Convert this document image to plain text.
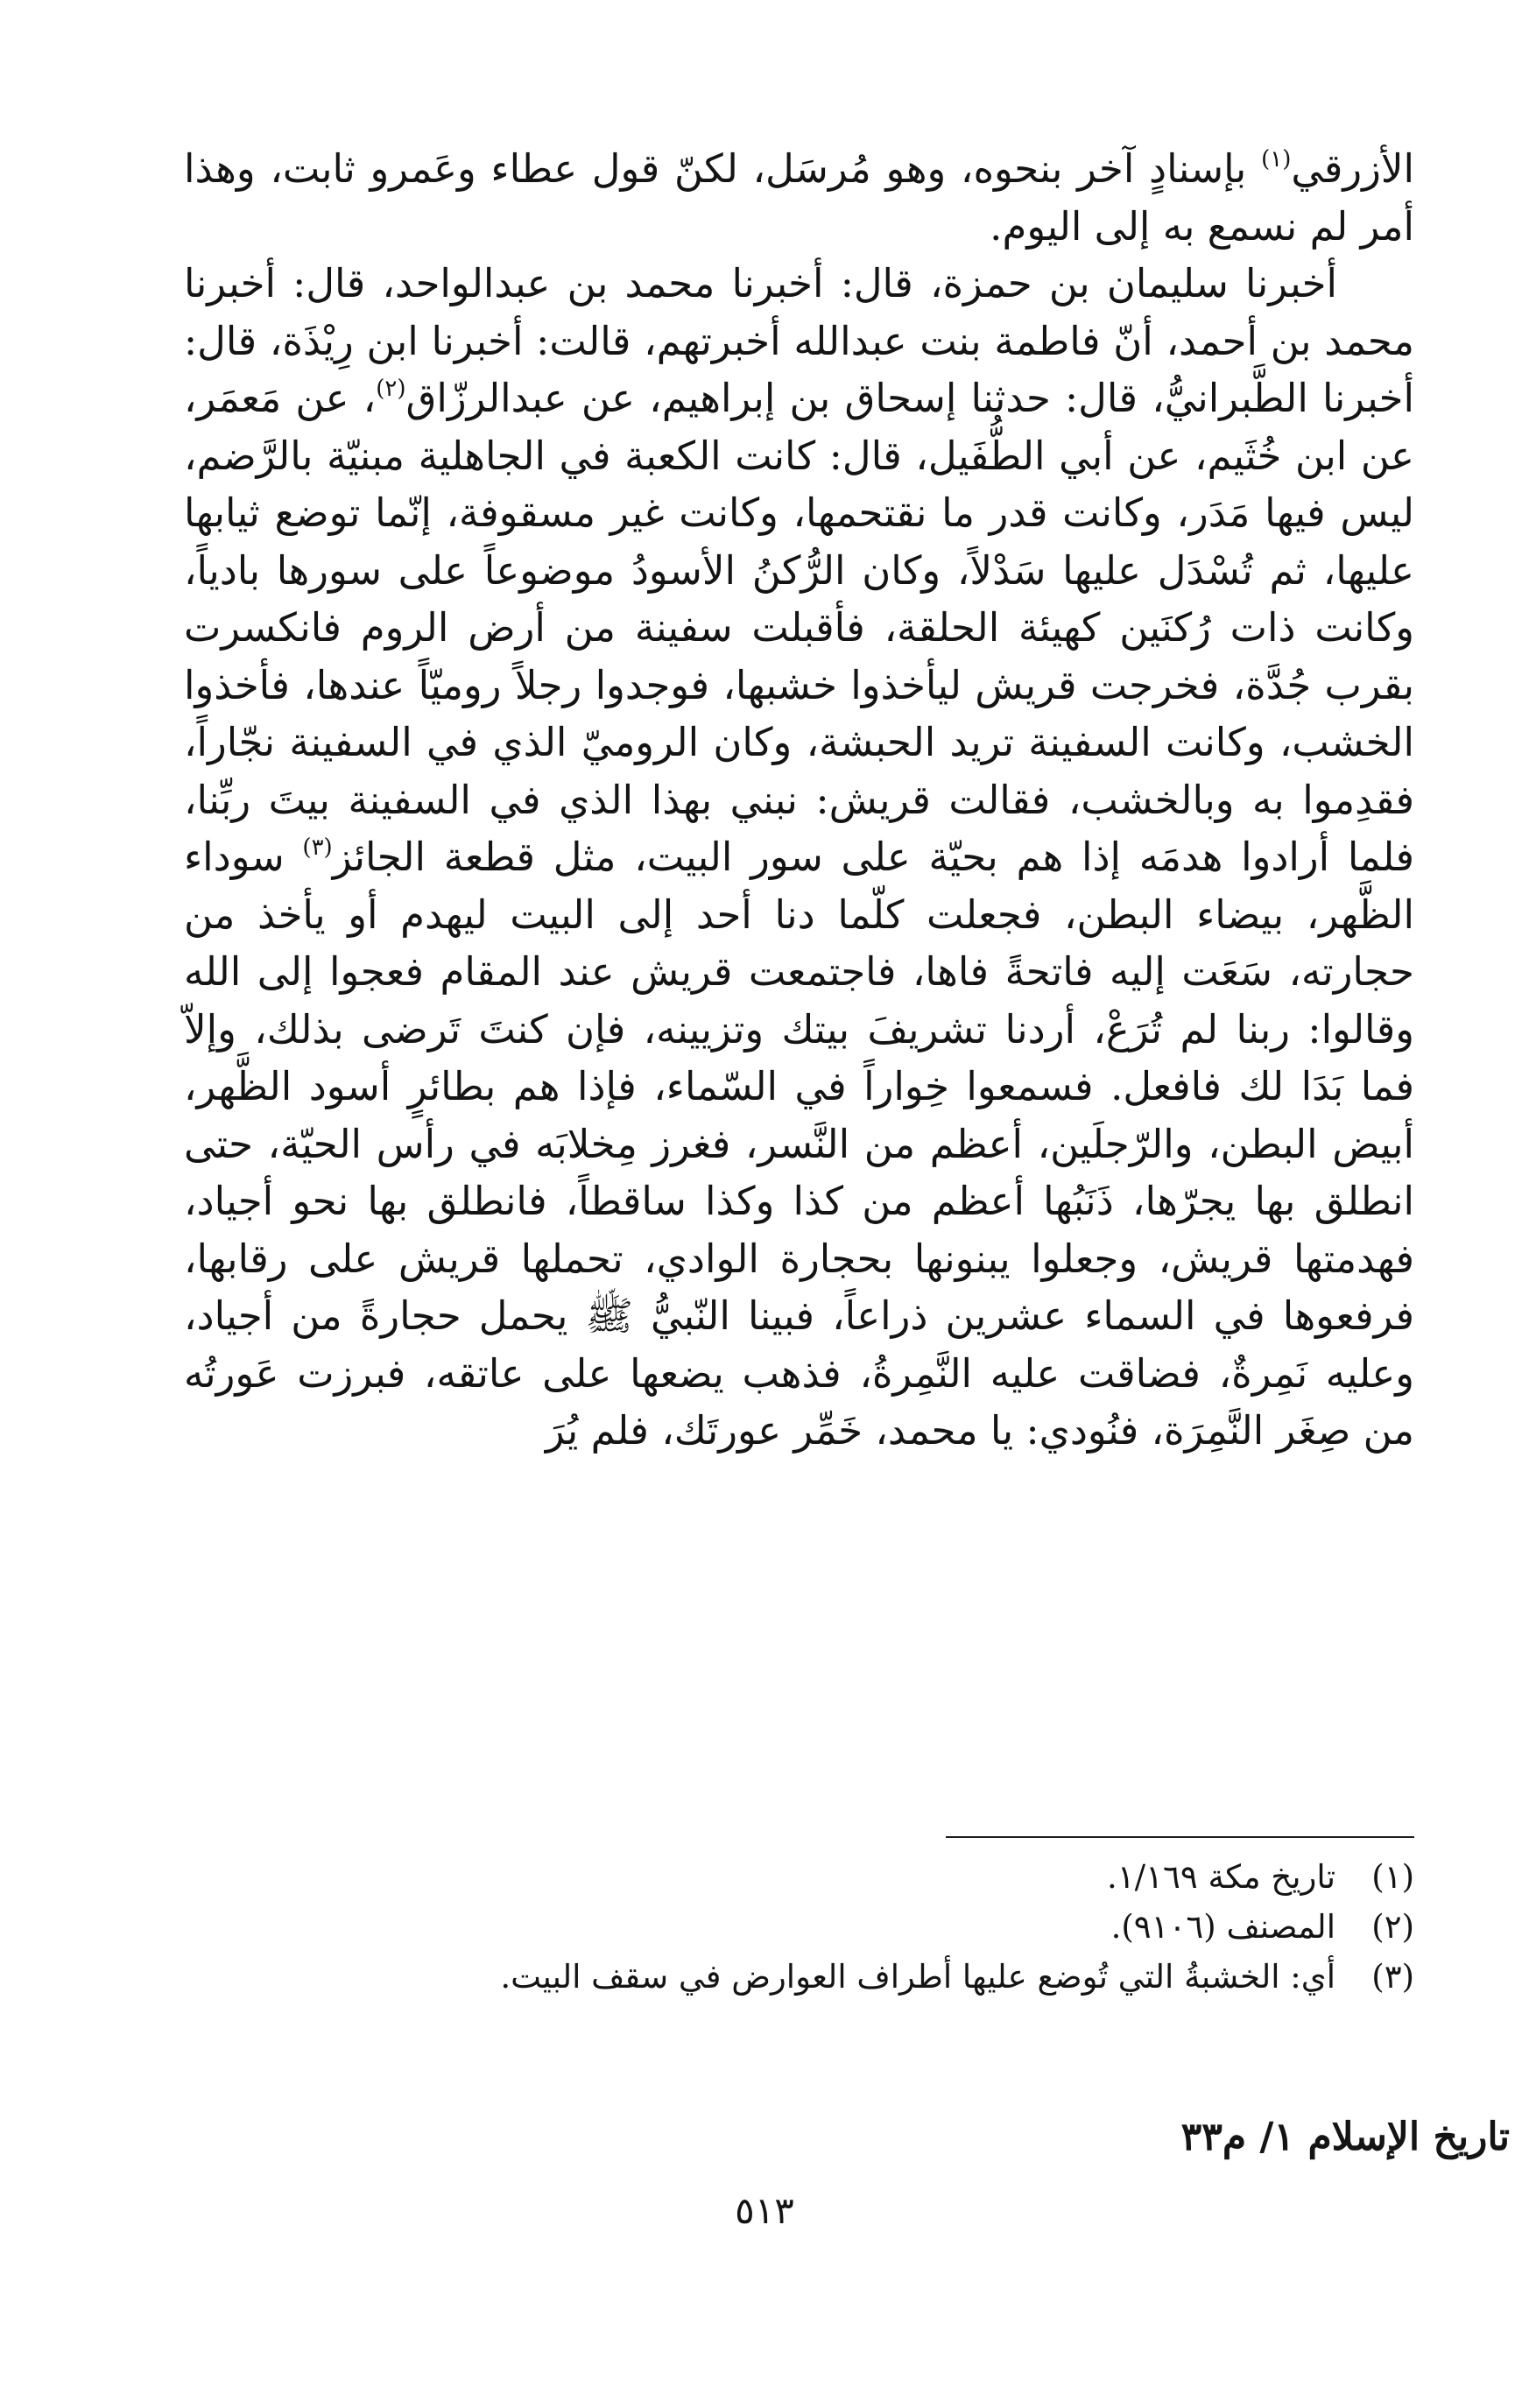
الأزرقي$^{(١)}$ بإسنادٍ آخر بنحوه، وهو مُرسَل، لكنّ قول عطاء وعَمرو ثابت، وهذا أمر لم نسمع به إلى اليوم.

أخبرنا سليمان بن حمزة، قال: أخبرنا محمد بن عبدالواحد، قال: أخبرنا محمد بن أحمد، أنّ فاطمة بنت عبدالله أخبرتهم، قالت: أخبرنا ابن رِيْذَة، قال: أخبرنا الطَّبرانيُّ، قال: حدثنا إسحاق بن إبراهيم، عن عبدالرزّاق$^{(٢)}$، عن مَعمَر، عن ابن خُثَيم، عن أبي الطُّفَيل، قال: كانت الكعبة في الجاهلية مبنيّة بالرَّضم، ليس فيها مَدَر، وكانت قدر ما نقتحمها، وكانت غير مسقوفة، إنّما توضع ثيابها عليها، ثم تُسْدَل عليها سَدْلاً، وكان الرُّكنُ الأسودُ موضوعاً على سورها بادياً، وكانت ذات رُكنَين كهيئة الحلقة، فأقبلت سفينة من أرض الروم فانكسرت بقرب جُدَّة، فخرجت قريش ليأخذوا خشبها، فوجدوا رجلاً روميّاً عندها، فأخذوا الخشب، وكانت السفينة تريد الحبشة، وكان الروميّ الذي في السفينة نجّاراً، فقدِموا به وبالخشب، فقالت قريش: نبني بهذا الذي في السفينة بيتَ ربِّنا، فلما أرادوا هدمَه إذا هم بحيّة على سور البيت، مثل قطعة الجائز$^{(٣)}$ سوداء الظَّهر، بيضاء البطن، فجعلت كلّما دنا أحد إلى البيت ليهدم أو يأخذ من حجارته، سَعَت إليه فاتحةً فاها، فاجتمعت قريش عند المقام فعجوا إلى الله وقالوا: ربنا لم تُرَعْ، أردنا تشريفَ بيتك وتزيينه، فإن كنتَ تَرضى بذلك، وإلاّ فما بَدَا لك فافعل. فسمعوا خِواراً في السّماء، فإذا هم بطائرٍ أسود الظَّهر، أبيض البطن، والرّجلَين، أعظم من النَّسر، فغرز مِخلابَه في رأس الحيّة، حتى انطلق بها يجرّها، ذَنَبُها أعظم من كذا وكذا ساقطاً، فانطلق بها نحو أجياد، فهدمتها قريش، وجعلوا يبنونها بحجارة الوادي، تحملها قريش على رقابها، فرفعوها في السماء عشرين ذراعاً، فبينا النّبيُّ ﷺ يحمل حجارةً من أجياد، وعليه نَمِرةٌ، فضاقت عليه النَّمِرةُ، فذهب يضعها على عاتقه، فبرزت عَورتُه من صِغَر النَّمِرَة، فنُودي: يا محمد، خَمِّر عورتَك، فلم يُرَ

(١)
تاريخ مكة ١/١٦٩.
(٢)
المصنف (٩١٠٦).
(٣)
أي: الخشبةُ التي تُوضع عليها أطراف العوارض في سقف البيت.
تاريخ الإسلام ١/ م٣٣
٥١٣
